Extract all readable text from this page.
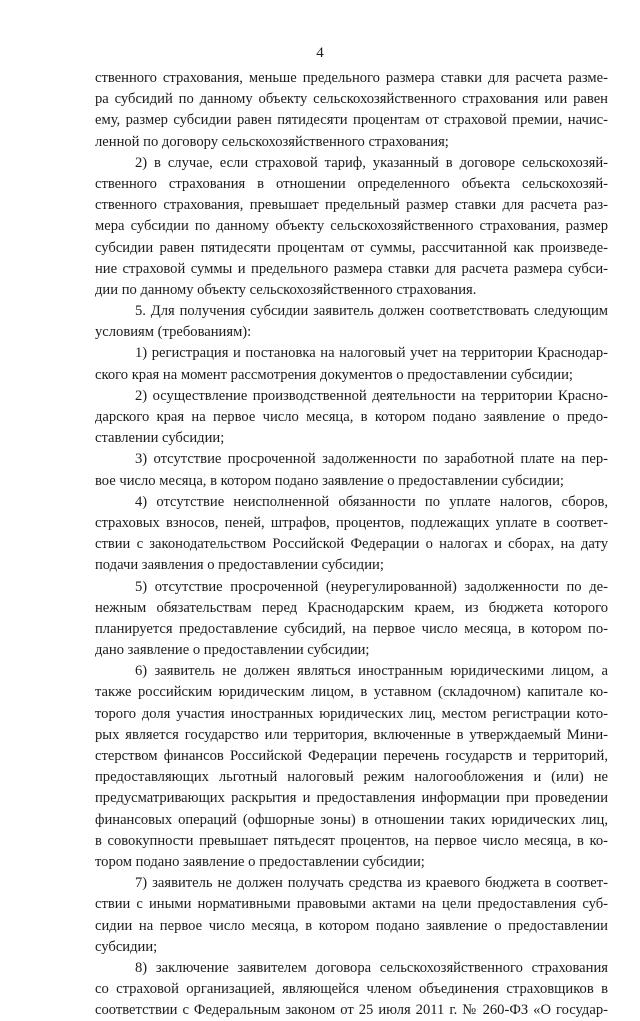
4
ственного страхования, меньше предельного размера ставки для расчета разме-
ра субсидий по данному объекту сельскохозяйственного страхования или равен
ему, размер субсидии равен пятидесяти процентам от страховой премии, начис-
ленной по договору сельскохозяйственного страхования;
2) в случае, если страховой тариф, указанный в договоре сельскохозяй-
ственного страхования в отношении определенного объекта сельскохозяй-
ственного страхования, превышает предельный размер ставки для расчета раз-
мера субсидии по данному объекту сельскохозяйственного страхования, размер
субсидии равен пятидесяти процентам от суммы, рассчитанной как произведе-
ние страховой суммы и предельного размера ставки для расчета размера субси-
дии по данному объекту сельскохозяйственного страхования.
5. Для получения субсидии заявитель должен соответствовать следующим
условиям (требованиям):
1) регистрация и постановка на налоговый учет на территории Краснодар-
ского края на момент рассмотрения документов о предоставлении субсидии;
2) осуществление производственной деятельности на территории Красно-
дарского края на первое число месяца, в котором подано заявление о предо-
ставлении субсидии;
3) отсутствие просроченной задолженности по заработной плате на пер-
вое число месяца, в котором подано заявление о предоставлении субсидии;
4) отсутствие неисполненной обязанности по уплате налогов, сборов,
страховых взносов, пеней, штрафов, процентов, подлежащих уплате в соответ-
ствии с законодательством Российской Федерации о налогах и сборах, на дату
подачи заявления о предоставлении субсидии;
5) отсутствие просроченной (неурегулированной) задолженности по де-
нежным обязательствам перед Краснодарским краем, из бюджета которого
планируется предоставление субсидий, на первое число месяца, в котором по-
дано заявление о предоставлении субсидии;
6) заявитель не должен являться иностранным юридическими лицом, а
также российским юридическим лицом, в уставном (складочном) капитале ко-
торого доля участия иностранных юридических лиц, местом регистрации кото-
рых является государство или территория, включенные в утверждаемый Мини-
стерством финансов Российской Федерации перечень государств и территорий,
предоставляющих льготный налоговый режим налогообложения и (или) не
предусматривающих раскрытия и предоставления информации при проведении
финансовых операций (офшорные зоны) в отношении таких юридических лиц,
в совокупности превышает пятьдесят процентов, на первое число месяца, в ко-
тором подано заявление о предоставлении субсидии;
7) заявитель не должен получать средства из краевого бюджета в соответ-
ствии с иными нормативными правовыми актами на цели предоставления суб-
сидии на первое число месяца, в котором подано заявление о предоставлении
субсидии;
8) заключение заявителем договора сельскохозяйственного страхования
со страховой организацией, являющейся членом объединения страховщиков в
соответствии с Федеральным законом от 25 июля 2011 г. № 260-ФЗ «О государ-
